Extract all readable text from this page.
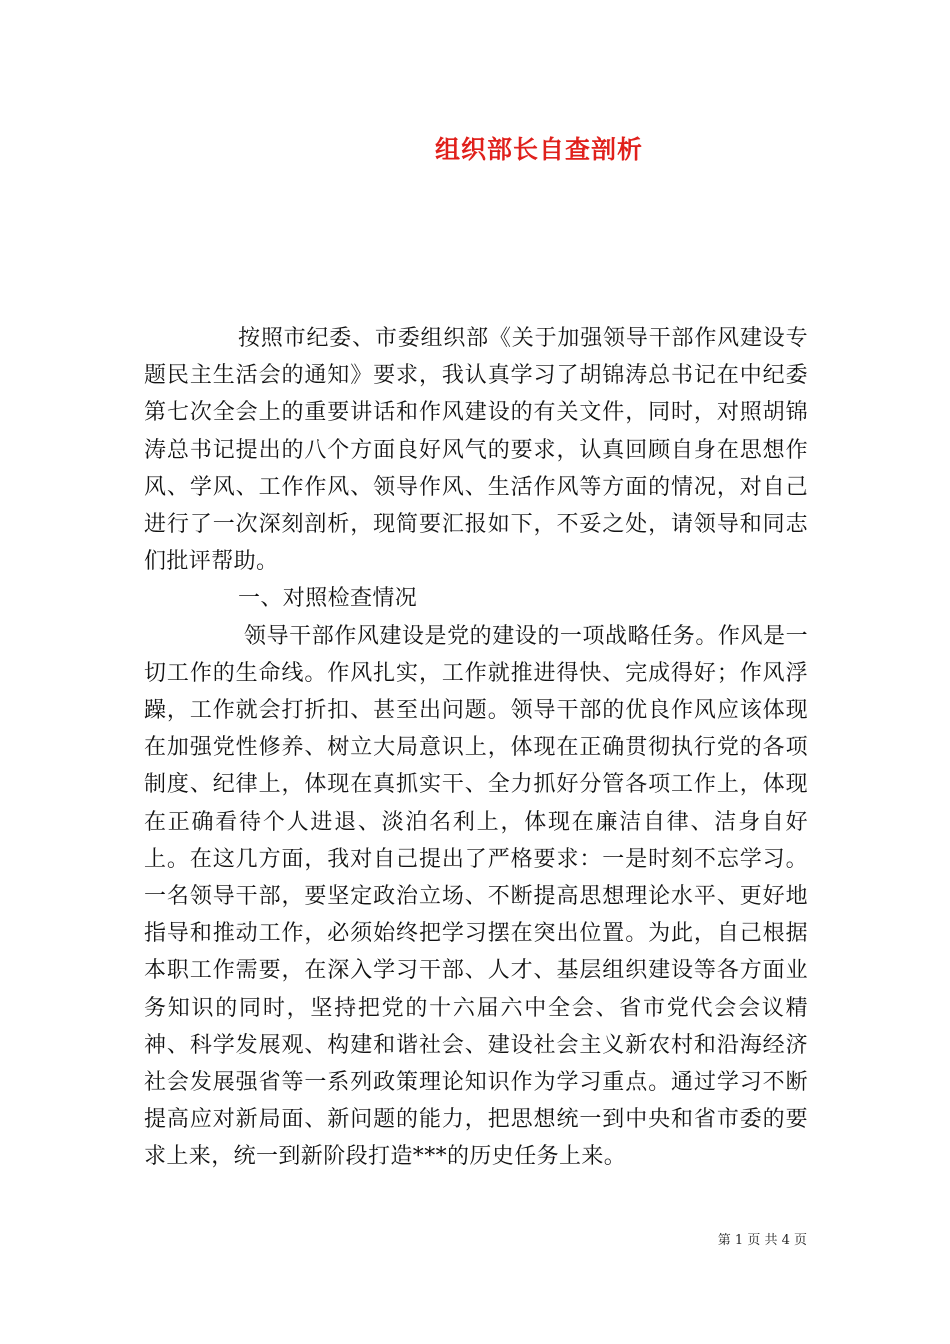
组织部长自查剖析

按照市纪委、市委组织部《关于加强领导干部作风建设专题民主生活会的通知》要求，我认真学习了胡锦涛总书记在中纪委第七次全会上的重要讲话和作风建设的有关文件，同时，对照胡锦涛总书记提出的八个方面良好风气的要求，认真回顾自身在思想作风、学风、工作作风、领导作风、生活作风等方面的情况，对自己进行了一次深刻剖析，现简要汇报如下，不妥之处，请领导和同志们批评帮助。

一、对照检查情况

领导干部作风建设是党的建设的一项战略任务。作风是一切工作的生命线。作风扎实，工作就推进得快、完成得好；作风浮躁，工作就会打折扣、甚至出问题。领导干部的优良作风应该体现在加强党性修养、树立大局意识上，体现在正确贯彻执行党的各项制度、纪律上，体现在真抓实干、全力抓好分管各项工作上，体现在正确看待个人进退、淡泊名利上，体现在廉洁自律、洁身自好上。在这几方面，我对自己提出了严格要求：一是时刻不忘学习。一名领导干部，要坚定政治立场、不断提高思想理论水平、更好地指导和推动工作，必须始终把学习摆在突出位置。为此，自己根据本职工作需要，在深入学习干部、人才、基层组织建设等各方面业务知识的同时，坚持把党的十六届六中全会、省市党代会会议精神、科学发展观、构建和谐社会、建设社会主义新农村和沿海经济社会发展强省等一系列政策理论知识作为学习重点。通过学习不断提高应对新局面、新问题的能力，把思想统一到中央和省市委的要求上来，统一到新阶段打造***的历史任务上来。

第 1 页 共 4 页
